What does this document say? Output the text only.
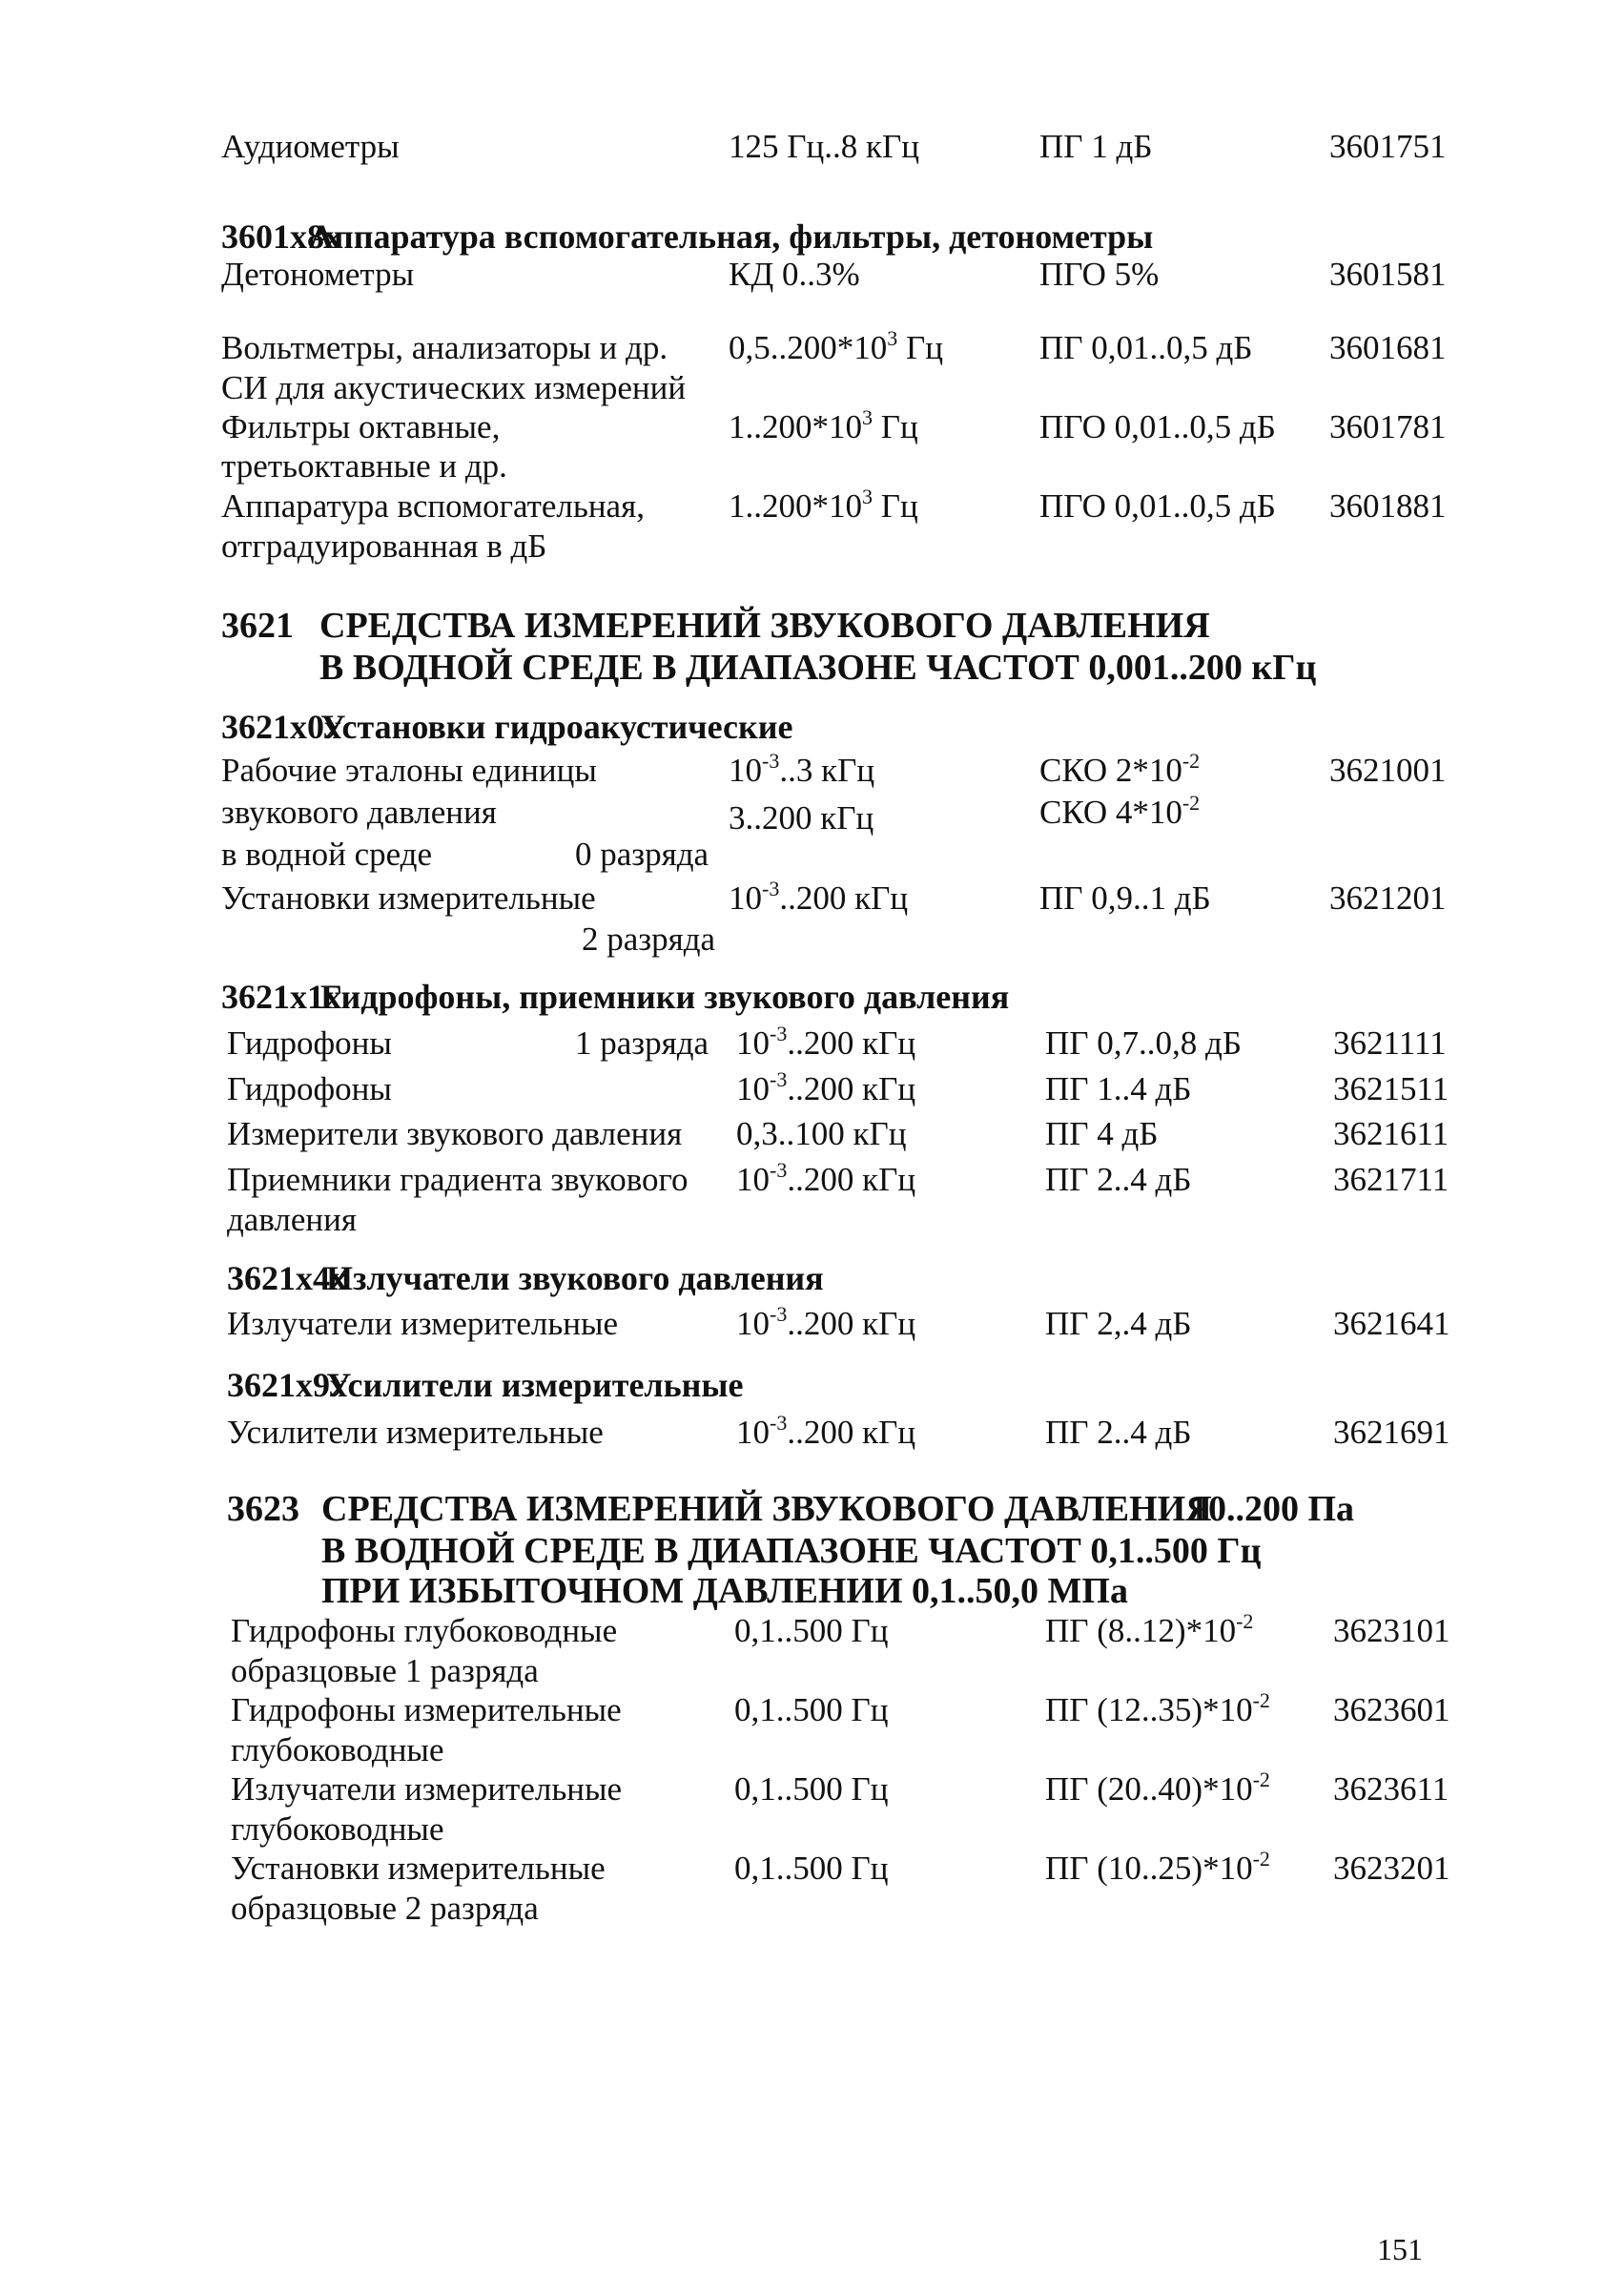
Аудиометры	125 Гц..8 кГц	ПГ 1 дБ	3601751
3601x8xАппаратура вспомогательная, фильтры, детонометры
Детонометры	КД 0..3%	ПГО 5%	3601581
Вольтметры, анализаторы и др. $0,5..200*10^3$ Гц	ПГ 0,01..0,5 дБ 3601681
СИ для акустических измерений
Фильтры октавные,	$1..200*10^3$ Гц	ПГО 0,01..0,5 дБ 3601781
третьоктавные и др.
Аппаратура вспомогательная,	$1..200*10^3$ Гц	ПГО 0,01..0,5 дБ 3601881
отградуированная в дБ
3621 СРЕДСТВА ИЗМЕРЕНИЙ ЗВУКОВОГО ДАВЛЕНИЯ
В ВОДНОЙ СРЕДЕ В ДИАПАЗОНЕ ЧАСТОТ 0,001..200 кГц
3621x0xУстановки гидроакустические
Рабочие эталоны единицы	$10^{-3}..3$ кГц	СКО $2*10^{-2}$	3621001
звукового давления	3..200 кГц	СКО $4*10^{-2}$
в водной среде	0 разряда
Установки измерительные	$10^{-3}..200$ кГц	ПГ 0,9..1 дБ	3621201
2 разряда
3621x1xГидрофоны, приемники звукового давления
Гидрофоны	1 разряда $10^{-3}..200$ кГц	ПГ 0,7..0,8 дБ	3621111
Гидрофоны	$10^{-3}..200$ кГц	ПГ 1..4 дБ	3621511
Измерители звукового давления 0,3..100 кГц	ПГ 4 дБ	3621611
Приемники градиента звукового $10^{-3}..200$ кГц	ПГ 2..4 дБ	3621711
давления
3621x4xИзлучатели звукового давления
Излучатели измерительные	$10^{-3}..200$ кГц	ПГ 2,.4 дБ	3621641
3621x9xУсилители измерительные
Усилители измерительные	$10^{-3}..200$ кГц	ПГ 2..4 дБ	3621691
3623 СРЕДСТВА ИЗМЕРЕНИЙ ЗВУКОВОГО ДАВЛЕНИЯ
10..200 Па
В ВОДНОЙ СРЕДЕ В ДИАПАЗОНЕ ЧАСТОТ 0,1..500 Гц
ПРИ ИЗБЫТОЧНОМ ДАВЛЕНИИ 0,1..50,0 МПа
Гидрофоны глубоководные	0,1..500 Гц	ПГ $(8..12)*10^{-2}$ 3623101
образцовые 1 разряда
Гидрофоны измерительные	0,1..500 Гц	ПГ $(12..35)*10^{-2}$ 3623601
глубоководные
Излучатели измерительные	0,1..500 Гц	ПГ $(20..40)*10^{-2}$ 3623611
глубоководные
Установки измерительные	0,1..500 Гц	ПГ $(10..25)*10^{-2}$ 3623201
образцовые 2 разряда
151
